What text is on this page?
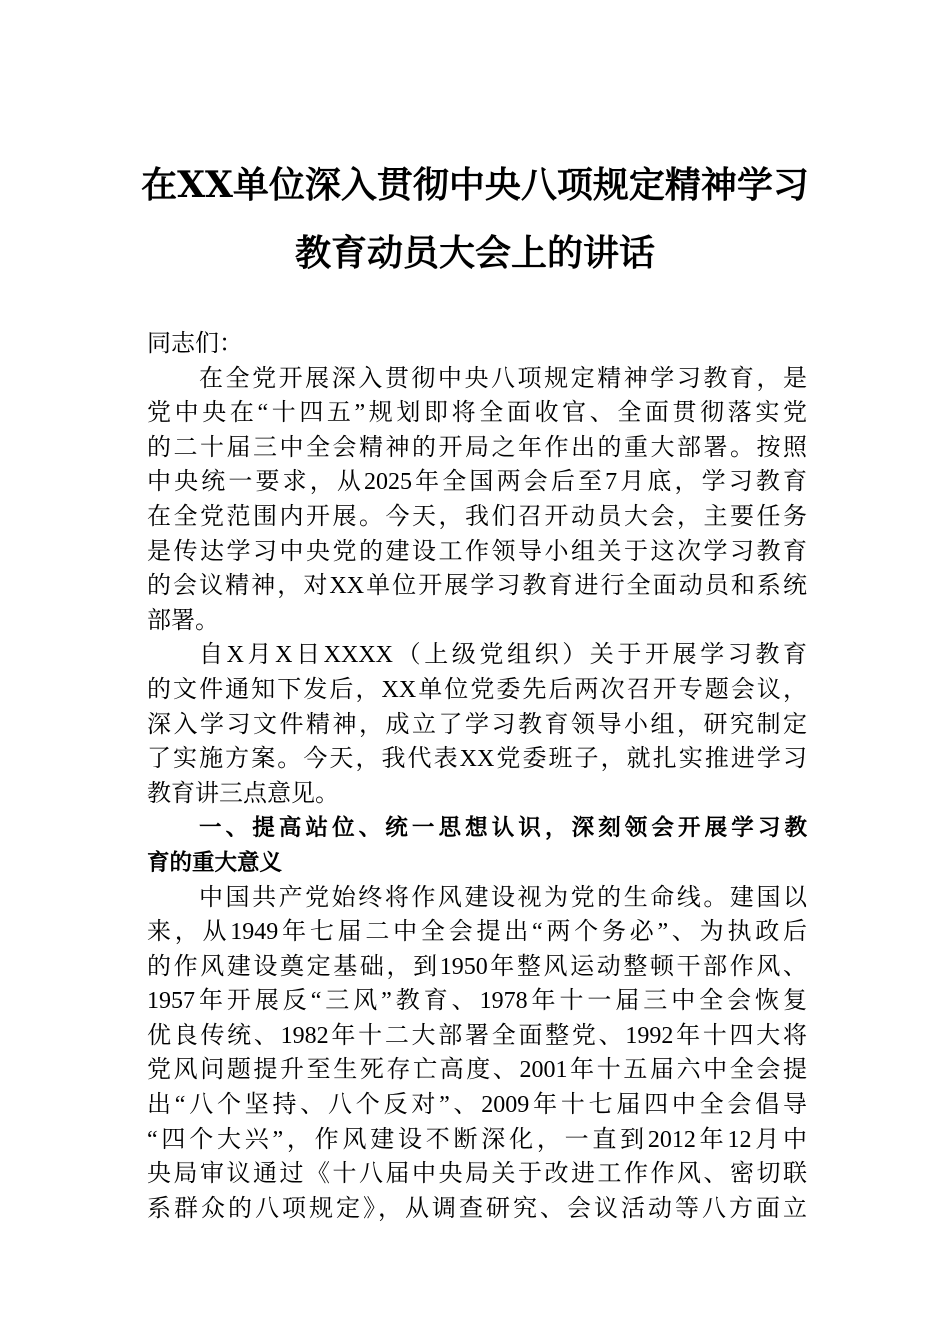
在XX单位深入贯彻中央八项规定精神学习
教育动员大会上的讲话
同志们：
在全党开展深入贯彻中央八项规定精神学习教育，是
党中央在“十四五”规划即将全面收官、全面贯彻落实党
的二十届三中全会精神的开局之年作出的重大部署。按照
中央统一要求，从2025年全国两会后至7月底，学习教育
在全党范围内开展。今天，我们召开动员大会，主要任务
是传达学习中央党的建设工作领导小组关于这次学习教育
的会议精神，对XX单位开展学习教育进行全面动员和系统
部署。
自X月X日XXXX（上级党组织）关于开展学习教育
的文件通知下发后，XX单位党委先后两次召开专题会议，
深入学习文件精神，成立了学习教育领导小组，研究制定
了实施方案。今天，我代表XX党委班子，就扎实推进学习
教育讲三点意见。
一、提高站位、统一思想认识，深刻领会开展学习教
育的重大意义
中国共产党始终将作风建设视为党的生命线。建国以
来，从1949年七届二中全会提出“两个务必”、为执政后
的作风建设奠定基础，到1950年整风运动整顿干部作风、
1957年开展反“三风”教育、1978年十一届三中全会恢复
优良传统、1982年十二大部署全面整党、1992年十四大将
党风问题提升至生死存亡高度、2001年十五届六中全会提
出“八个坚持、八个反对”、2009年十七届四中全会倡导
“四个大兴”，作风建设不断深化，一直到2012年12月中
央局审议通过《十八届中央局关于改进工作作风、密切联
系群众的八项规定》，从调查研究、会议活动等八方面立
